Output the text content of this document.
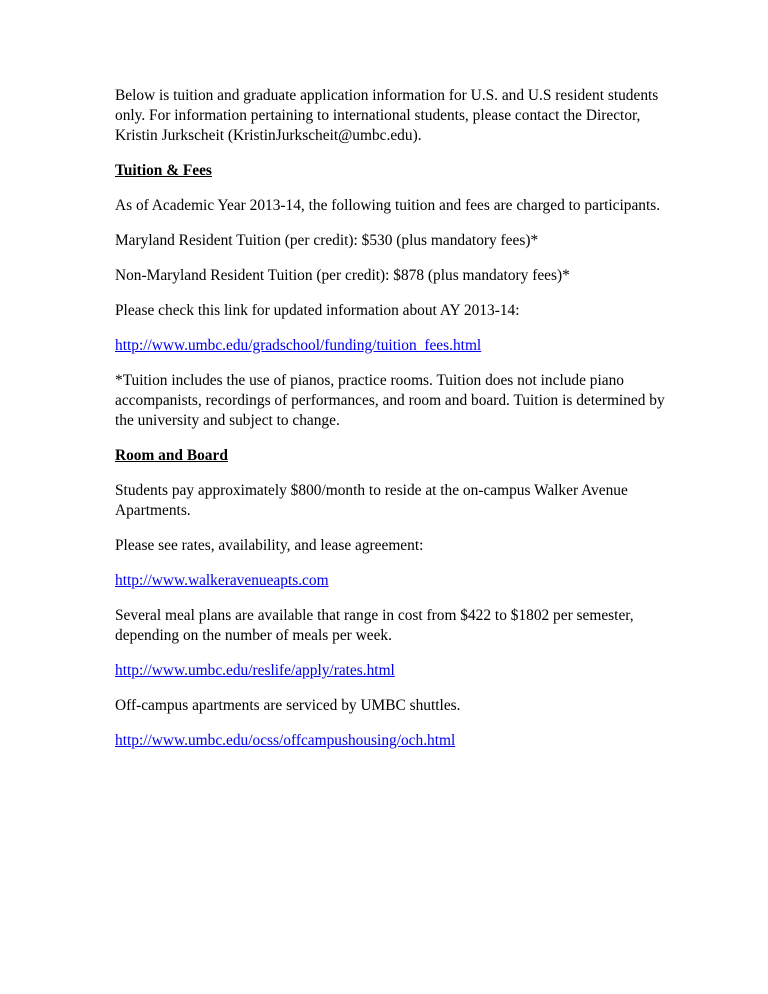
Below is tuition and graduate application information for U.S. and U.S resident students
only. For information pertaining to international students, please contact the Director,
Kristin Jurkscheit (KristinJurkscheit@umbc.edu).

Tuition & Fees

As of Academic Year 2013-14, the following tuition and fees are charged to participants.

Maryland Resident Tuition (per credit): $530 (plus mandatory fees)*

Non-Maryland Resident Tuition (per credit): $878 (plus mandatory fees)*

Please check this link for updated information about AY 2013-14:

http://www.umbc.edu/gradschool/funding/tuition_fees.html

*Tuition includes the use of pianos, practice rooms. Tuition does not include piano
accompanists, recordings of performances, and room and board. Tuition is determined by
the university and subject to change.

Room and Board

Students pay approximately $800/month to reside at the on-campus Walker Avenue
Apartments.

Please see rates, availability, and lease agreement:

http://www.walkeravenueapts.com

Several meal plans are available that range in cost from $422 to $1802 per semester,
depending on the number of meals per week.

http://www.umbc.edu/reslife/apply/rates.html

Off-campus apartments are serviced by UMBC shuttles.

http://www.umbc.edu/ocss/offcampushousing/och.html
